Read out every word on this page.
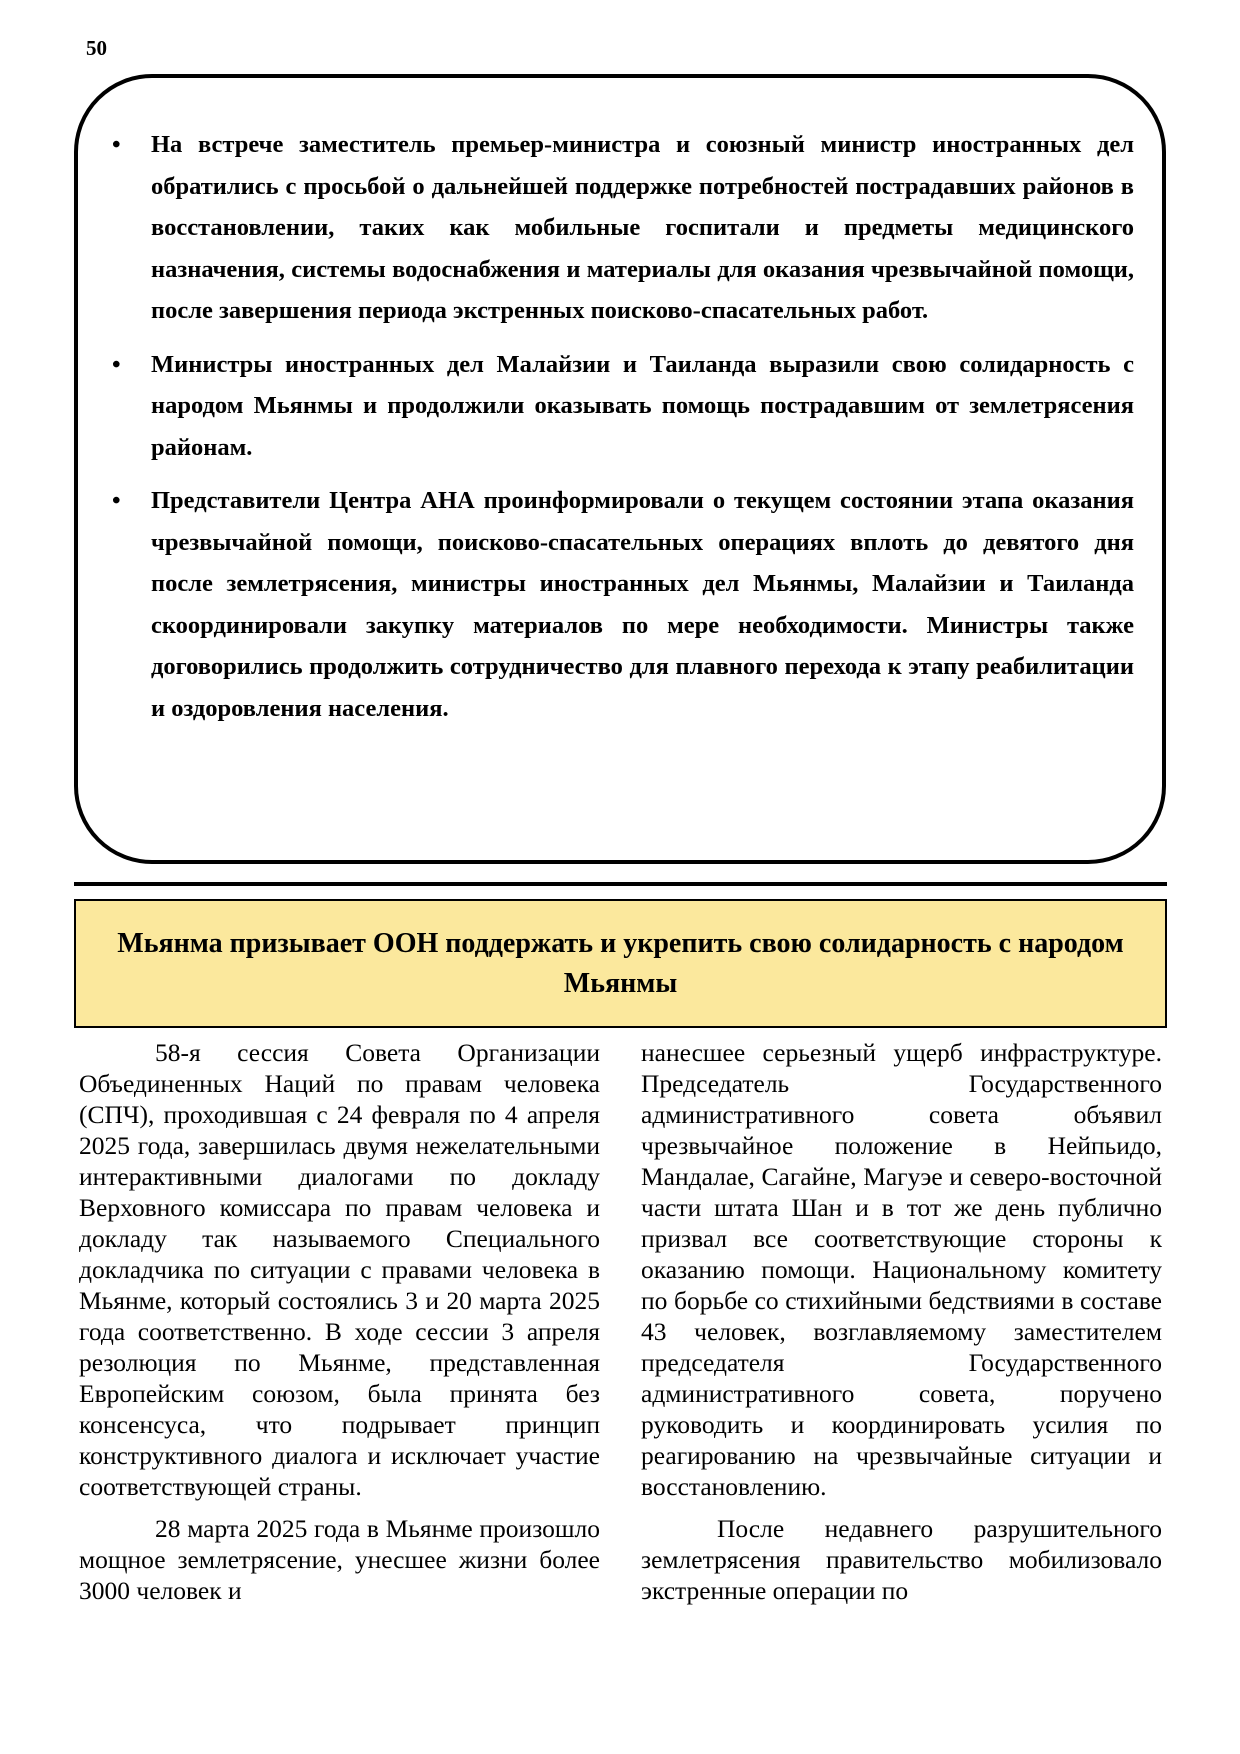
50
• На встрече заместитель премьер-министра и союзный министр иностранных дел обратились с просьбой о дальнейшей поддержке потребностей пострадавших районов в восстановлении, таких как мобильные госпитали и предметы медицинского назначения, системы водоснабжения и материалы для оказания чрезвычайной помощи, после завершения периода экстренных поисково-спасательных работ.
• Министры иностранных дел Малайзии и Таиланда выразили свою солидарность с народом Мьянмы и продолжили оказывать помощь пострадавшим от землетрясения районам.
• Представители Центра АНА проинформировали о текущем состоянии этапа оказания чрезвычайной помощи, поисково-спасательных операциях вплоть до девятого дня после землетрясения, министры иностранных дел Мьянмы, Малайзии и Таиланда скоординировали закупку материалов по мере необходимости. Министры также договорились продолжить сотрудничество для плавного перехода к этапу реабилитации и оздоровления населения.
Мьянма призывает ООН поддержать и укрепить свою солидарность с народом Мьянмы

58-я сессия Совета Организации Объединенных Наций по правам человека (СПЧ), проходившая с 24 февраля по 4 апреля 2025 года, завершилась двумя нежелательными интерактивными диалогами по докладу Верховного комиссара по правам человека и докладу так называемого Специального докладчика по ситуации с правами человека в Мьянме, который состоялись 3 и 20 марта 2025 года соответственно. В ходе сессии 3 апреля резолюция по Мьянме, представленная Европейским союзом, была принята без консенсуса, что подрывает принцип конструктивного диалога и исключает участие соответствующей страны.

28 марта 2025 года в Мьянме произошло мощное землетрясение, унесшее жизни более 3000 человек и

нанесшее серьезный ущерб инфраструктуре. Председатель Государственного административного совета объявил чрезвычайное положение в Нейпьидо, Мандалае, Сагайне, Магуэе и северо-восточной части штата Шан и в тот же день публично призвал все соответствующие стороны к оказанию помощи. Национальному комитету по борьбе со стихийными бедствиями в составе 43 человек, возглавляемому заместителем председателя Государственного административного совета, поручено руководить и координировать усилия по реагированию на чрезвычайные ситуации и восстановлению.

После недавнего разрушительного землетрясения правительство мобилизовало экстренные операции по
